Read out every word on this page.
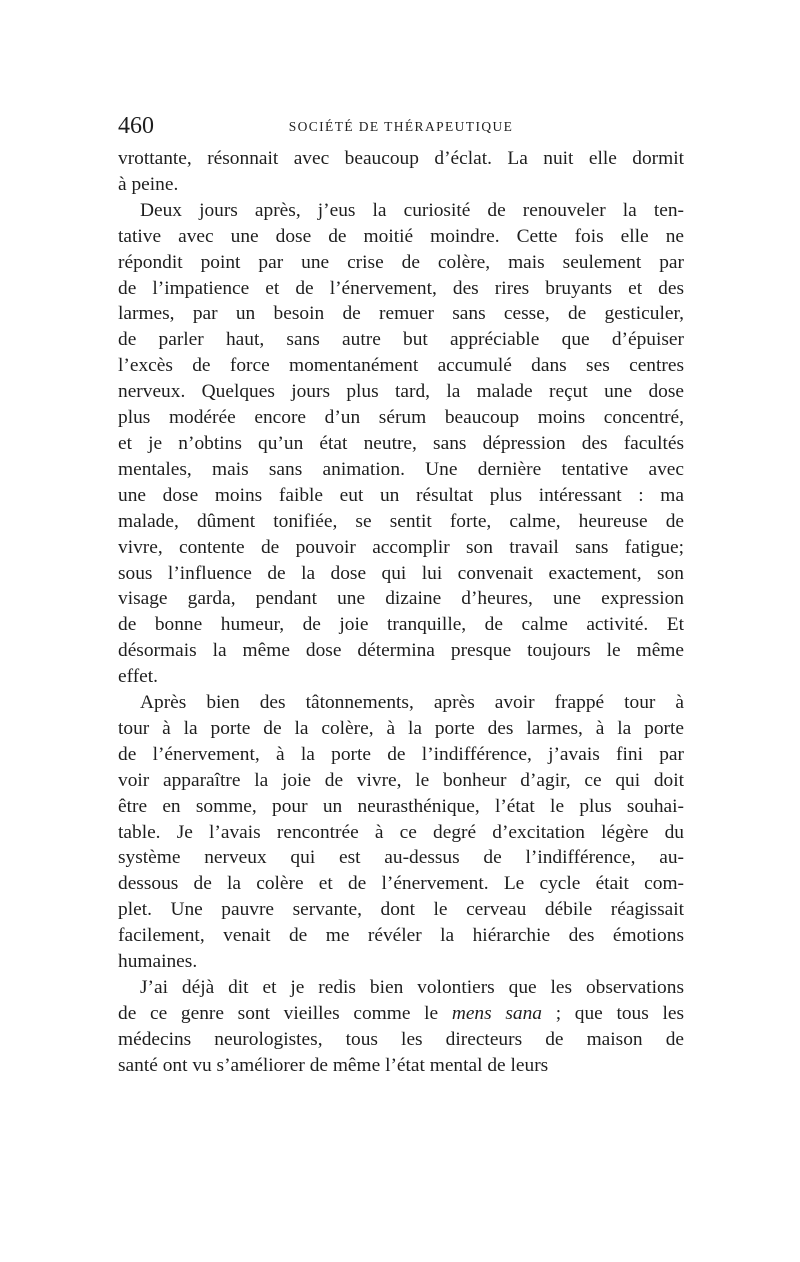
460	SOCIÉTÉ DE THÉRAPEUTIQUE
vrottante, résonnait avec beaucoup d’éclat. La nuit elle dormit
à peine.
Deux jours après, j’eus la curiosité de renouveler la ten-
tative avec une dose de moitié moindre. Cette fois elle ne
répondit point par une crise de colère, mais seulement par
de l’impatience et de l’énervement, des rires bruyants et des
larmes, par un besoin de remuer sans cesse, de gesticuler,
de parler haut, sans autre but appréciable que d’épuiser
l’excès de force momentanément accumulé dans ses centres
nerveux. Quelques jours plus tard, la malade reçut une dose
plus modérée encore d’un sérum beaucoup moins concentré,
et je n’obtins qu’un état neutre, sans dépression des facultés
mentales, mais sans animation. Une dernière tentative avec
une dose moins faible eut un résultat plus intéressant : ma
malade, dûment tonifiée, se sentit forte, calme, heureuse de
vivre, contente de pouvoir accomplir son travail sans fatigue;
sous l’influence de la dose qui lui convenait exactement, son
visage garda, pendant une dizaine d’heures, une expression
de bonne humeur, de joie tranquille, de calme activité. Et
désormais la même dose détermina presque toujours le même
effet.
Après bien des tâtonnements, après avoir frappé tour à
tour à la porte de la colère, à la porte des larmes, à la porte
de l’énervement, à la porte de l’indifférence, j’avais fini par
voir apparaître la joie de vivre, le bonheur d’agir, ce qui doit
être en somme, pour un neurasthénique, l’état le plus souhai-
table. Je l’avais rencontrée à ce degré d’excitation légère du
système nerveux qui est au-dessus de l’indifférence, au-
dessous de la colère et de l’énervement. Le cycle était com-
plet. Une pauvre servante, dont le cerveau débile réagissait
facilement, venait de me révéler la hiérarchie des émotions
humaines.
J’ai déjà dit et je redis bien volontiers que les observations
de ce genre sont vieilles comme le mens sana ; que tous les
médecins neurologistes, tous les directeurs de maison de
santé ont vu s’améliorer de même l’état mental de leurs
